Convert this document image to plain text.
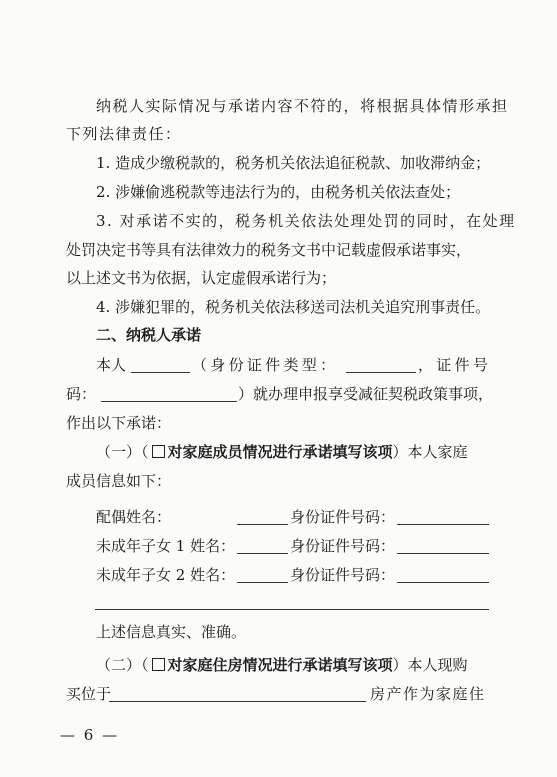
纳税人实际情况与承诺内容不符的，将根据具体情形承担
下列法律责任：
1. 造成少缴税款的，税务机关依法追征税款、加收滞纳金；
2. 涉嫌偷逃税款等违法行为的，由税务机关依法查处；
3. 对承诺不实的，税务机关依法处理处罚的同时，在处理
处罚决定书等具有法律效力的税务文书中记载虚假承诺事实，
以上述文书为依据，认定虚假承诺行为；
4. 涉嫌犯罪的，税务机关依法移送司法机关追究刑事责任。
二、纳税人承诺
本人	（身份证件类型：	，证件号
码：	）就办理申报享受减征契税政策事项，
作出以下承诺：
（一）（ 对家庭成员情况进行承诺填写该项）本人家庭
成员信息如下：
配偶姓名：	身份证件号码：
未成年子女 1 姓名：	身份证件号码：
未成年子女 2 姓名：	身份证件号码：
上述信息真实、准确。
（二）（ 对家庭住房情况进行承诺填写该项）本人现购
买位于	房产作为家庭住
— 6 —
